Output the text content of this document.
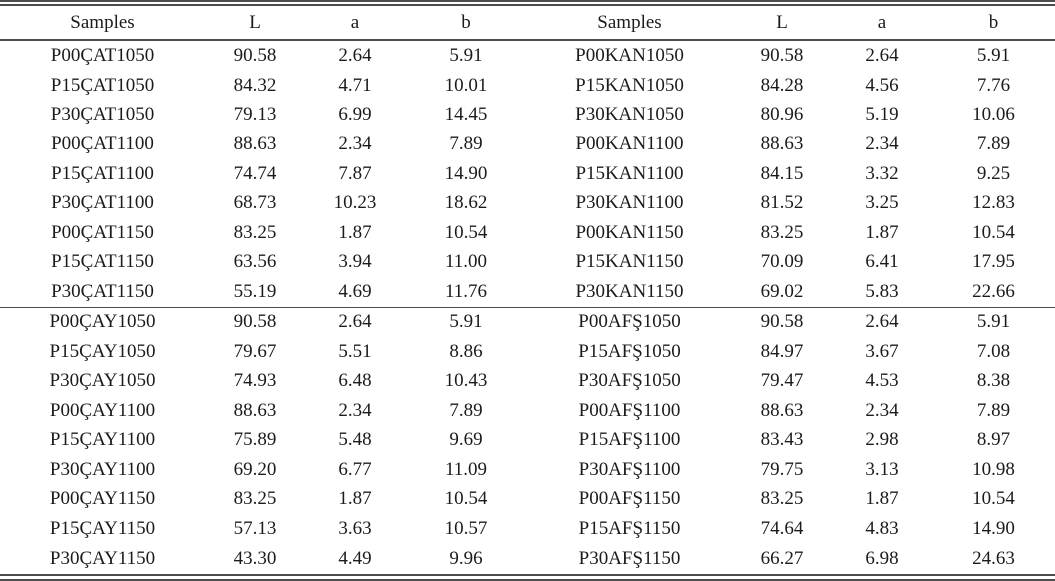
Samples	L	a	b	Samples	L	a	b
P00ÇAT1050	90.58	2.64	5.91	P00KAN1050	90.58	2.64	5.91
P15ÇAT1050	84.32	4.71	10.01	P15KAN1050	84.28	4.56	7.76
P30ÇAT1050	79.13	6.99	14.45	P30KAN1050	80.96	5.19	10.06
P00ÇAT1100	88.63	2.34	7.89	P00KAN1100	88.63	2.34	7.89
P15ÇAT1100	74.74	7.87	14.90	P15KAN1100	84.15	3.32	9.25
P30ÇAT1100	68.73	10.23	18.62	P30KAN1100	81.52	3.25	12.83
P00ÇAT1150	83.25	1.87	10.54	P00KAN1150	83.25	1.87	10.54
P15ÇAT1150	63.56	3.94	11.00	P15KAN1150	70.09	6.41	17.95
P30ÇAT1150	55.19	4.69	11.76	P30KAN1150	69.02	5.83	22.66
P00ÇAY1050	90.58	2.64	5.91	P00AFŞ1050	90.58	2.64	5.91
P15ÇAY1050	79.67	5.51	8.86	P15AFŞ1050	84.97	3.67	7.08
P30ÇAY1050	74.93	6.48	10.43	P30AFŞ1050	79.47	4.53	8.38
P00ÇAY1100	88.63	2.34	7.89	P00AFŞ1100	88.63	2.34	7.89
P15ÇAY1100	75.89	5.48	9.69	P15AFŞ1100	83.43	2.98	8.97
P30ÇAY1100	69.20	6.77	11.09	P30AFŞ1100	79.75	3.13	10.98
P00ÇAY1150	83.25	1.87	10.54	P00AFŞ1150	83.25	1.87	10.54
P15ÇAY1150	57.13	3.63	10.57	P15AFŞ1150	74.64	4.83	14.90
P30ÇAY1150	43.30	4.49	9.96	P30AFŞ1150	66.27	6.98	24.63
